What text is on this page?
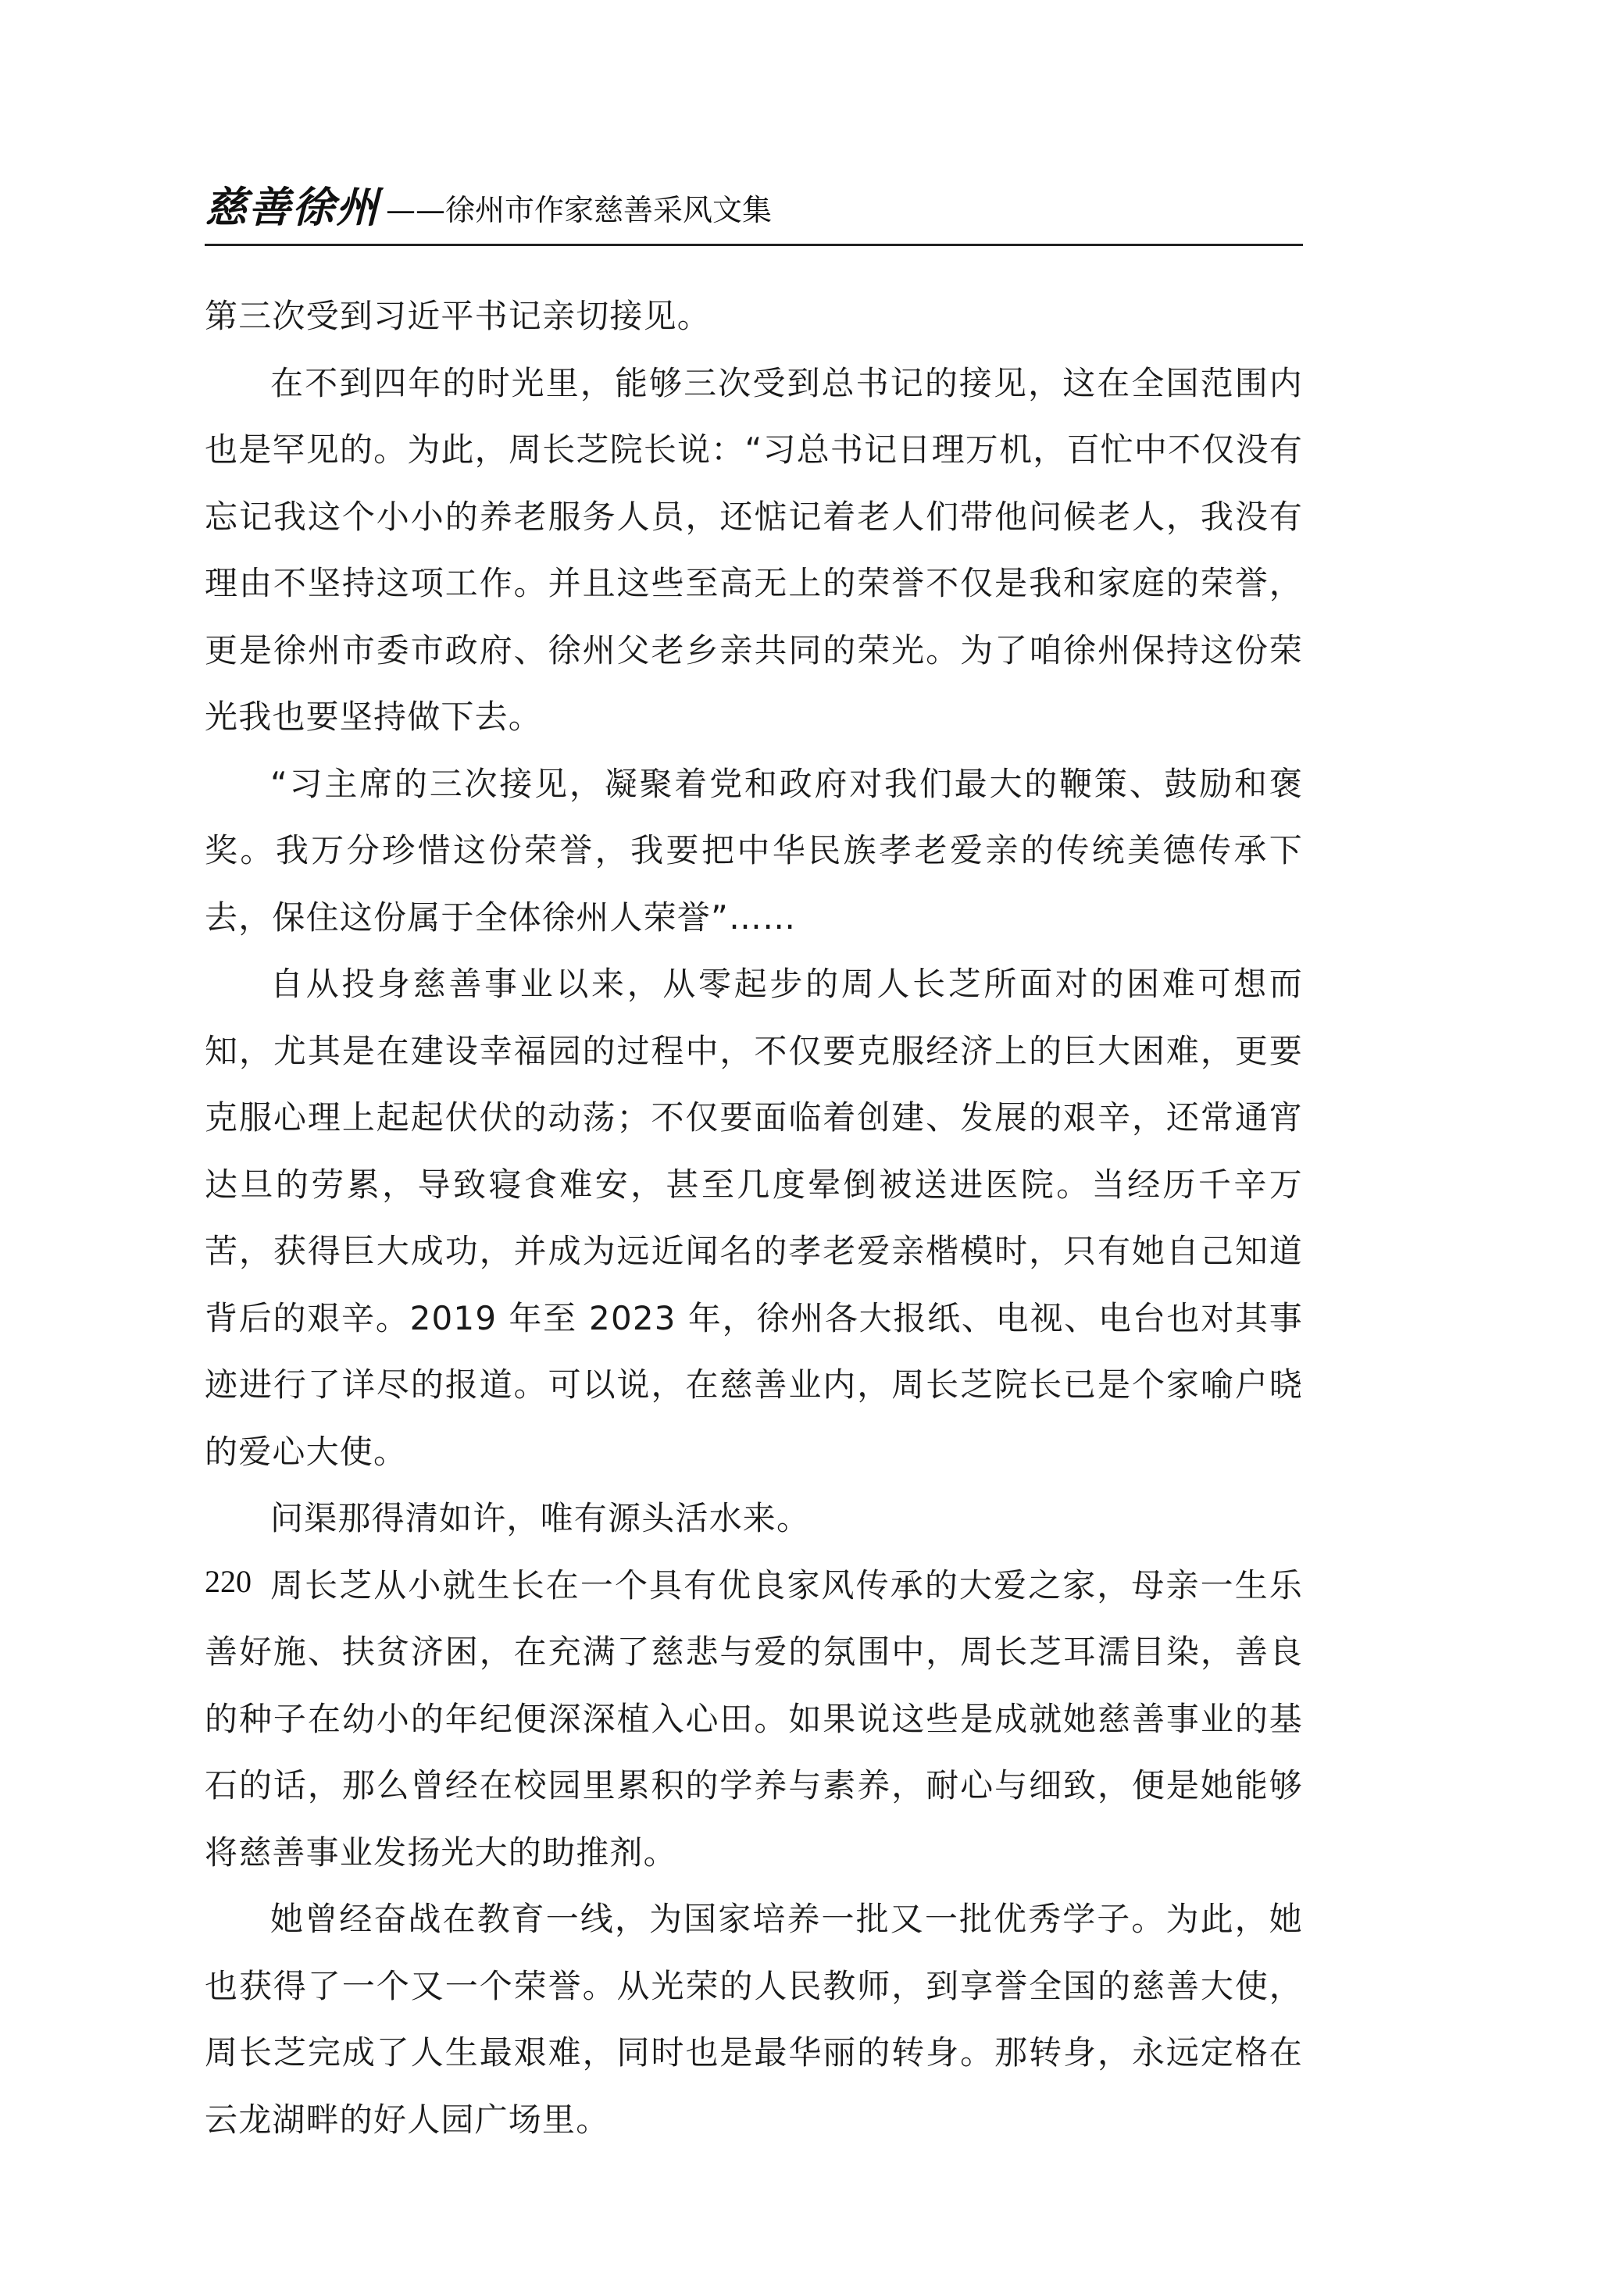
慈善徐州 ——徐州市作家慈善采风文集

第三次受到习近平书记亲切接见。

在不到四年的时光里，能够三次受到总书记的接见，这在全国范围内也是罕见的。为此，周长芝院长说：“习总书记日理万机，百忙中不仅没有忘记我这个小小的养老服务人员，还惦记着老人们带他问候老人，我没有理由不坚持这项工作。并且这些至高无上的荣誉不仅是我和家庭的荣誉，更是徐州市委市政府、徐州父老乡亲共同的荣光。为了咱徐州保持这份荣光我也要坚持做下去。

“习主席的三次接见，凝聚着党和政府对我们最大的鞭策、鼓励和褒奖。我万分珍惜这份荣誉，我要把中华民族孝老爱亲的传统美德传承下去，保住这份属于全体徐州人荣誉”……

自从投身慈善事业以来，从零起步的周人长芝所面对的困难可想而知，尤其是在建设幸福园的过程中，不仅要克服经济上的巨大困难，更要克服心理上起起伏伏的动荡；不仅要面临着创建、发展的艰辛，还常通宵达旦的劳累，导致寝食难安，甚至几度晕倒被送进医院。当经历千辛万苦，获得巨大成功，并成为远近闻名的孝老爱亲楷模时，只有她自己知道背后的艰辛。2019 年至 2023 年，徐州各大报纸、电视、电台也对其事迹进行了详尽的报道。可以说，在慈善业内，周长芝院长已是个家喻户晓的爱心大使。

问渠那得清如许，唯有源头活水来。

周长芝从小就生长在一个具有优良家风传承的大爱之家，母亲一生乐善好施、扶贫济困，在充满了慈悲与爱的氛围中，周长芝耳濡目染，善良的种子在幼小的年纪便深深植入心田。如果说这些是成就她慈善事业的基石的话，那么曾经在校园里累积的学养与素养，耐心与细致，便是她能够将慈善事业发扬光大的助推剂。

她曾经奋战在教育一线，为国家培养一批又一批优秀学子。为此，她也获得了一个又一个荣誉。从光荣的人民教师，到享誉全国的慈善大使，周长芝完成了人生最艰难，同时也是最华丽的转身。那转身，永远定格在云龙湖畔的好人园广场里。

220
